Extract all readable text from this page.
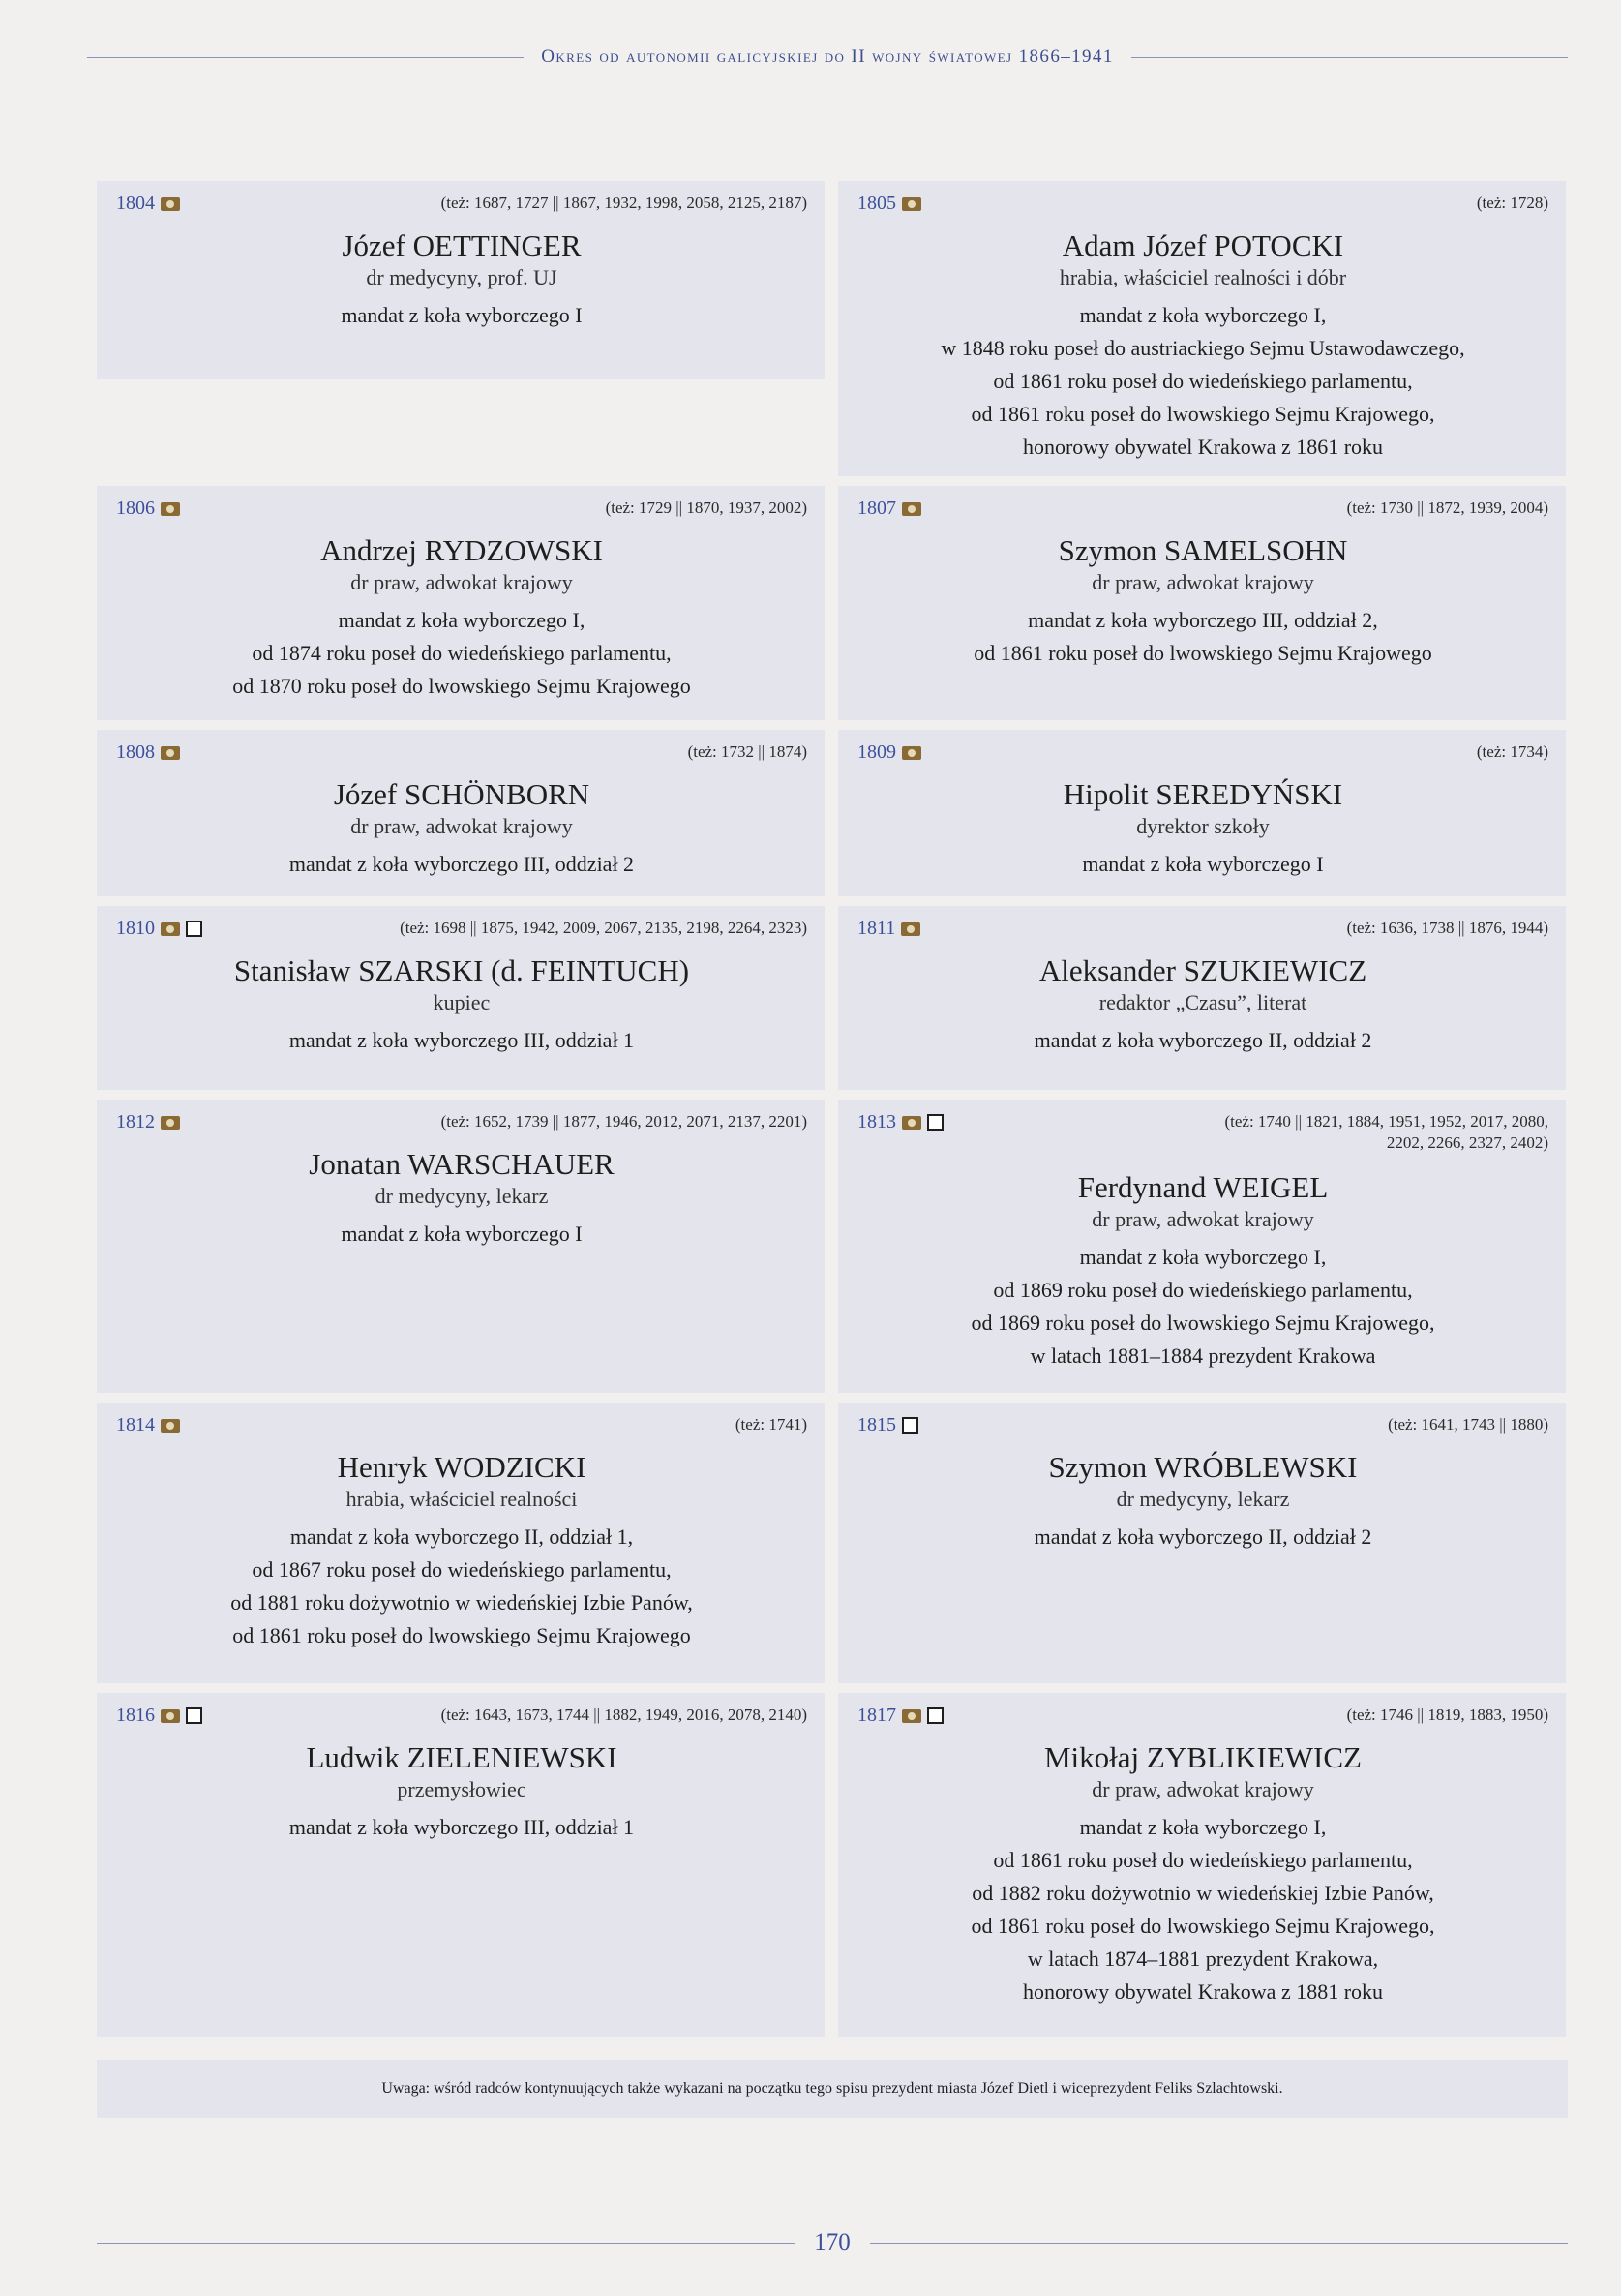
Okres od autonomii galicyjskiej do II wojny światowej 1866–1941
1804	(też: 1687, 1727 || 1867, 1932, 1998, 2058, 2125, 2187)
Józef OETTINGER
dr medycyny, prof. UJ
mandat z koła wyborczego I
1805	(też: 1728)
Adam Józef POTOCKI
hrabia, właściciel realności i dóbr
mandat z koła wyborczego I,
w 1848 roku poseł do austriackiego Sejmu Ustawodawczego,
od 1861 roku poseł do wiedeńskiego parlamentu,
od 1861 roku poseł do lwowskiego Sejmu Krajowego,
honorowy obywatel Krakowa z 1861 roku
1806	(też: 1729 || 1870, 1937, 2002)
Andrzej RYDZOWSKI
dr praw, adwokat krajowy
mandat z koła wyborczego I,
od 1874 roku poseł do wiedeńskiego parlamentu,
od 1870 roku poseł do lwowskiego Sejmu Krajowego
1807	(też: 1730 || 1872, 1939, 2004)
Szymon SAMELSOHN
dr praw, adwokat krajowy
mandat z koła wyborczego III, oddział 2,
od 1861 roku poseł do lwowskiego Sejmu Krajowego
1808	(też: 1732 || 1874)
Józef SCHÖNBORN
dr praw, adwokat krajowy
mandat z koła wyborczego III, oddział 2
1809	(też: 1734)
Hipolit SEREDYŃSKI
dyrektor szkoły
mandat z koła wyborczego I
1810	(też: 1698 || 1875, 1942, 2009, 2067, 2135, 2198, 2264, 2323)
Stanisław SZARSKI (d. FEINTUCH)
kupiec
mandat z koła wyborczego III, oddział 1
1811	(też: 1636, 1738 || 1876, 1944)
Aleksander SZUKIEWICZ
redaktor „Czasu”, literat
mandat z koła wyborczego II, oddział 2
1812	(też: 1652, 1739 || 1877, 1946, 2012, 2071, 2137, 2201)
Jonatan WARSCHAUER
dr medycyny, lekarz
mandat z koła wyborczego I
1813	(też: 1740 || 1821, 1884, 1951, 1952, 2017, 2080, 2202, 2266, 2327, 2402)
Ferdynand WEIGEL
dr praw, adwokat krajowy
mandat z koła wyborczego I,
od 1869 roku poseł do wiedeńskiego parlamentu,
od 1869 roku poseł do lwowskiego Sejmu Krajowego,
w latach 1881–1884 prezydent Krakowa
1814	(też: 1741)
Henryk WODZICKI
hrabia, właściciel realności
mandat z koła wyborczego II, oddział 1,
od 1867 roku poseł do wiedeńskiego parlamentu,
od 1881 roku dożywotnio w wiedeńskiej Izbie Panów,
od 1861 roku poseł do lwowskiego Sejmu Krajowego
1815	(też: 1641, 1743 || 1880)
Szymon WRÓBLEWSKI
dr medycyny, lekarz
mandat z koła wyborczego II, oddział 2
1816	(też: 1643, 1673, 1744 || 1882, 1949, 2016, 2078, 2140)
Ludwik ZIELENIEWSKI
przemysłowiec
mandat z koła wyborczego III, oddział 1
1817	(też: 1746 || 1819, 1883, 1950)
Mikołaj ZYBLIKIEWICZ
dr praw, adwokat krajowy
mandat z koła wyborczego I,
od 1861 roku poseł do wiedeńskiego parlamentu,
od 1882 roku dożywotnio w wiedeńskiej Izbie Panów,
od 1861 roku poseł do lwowskiego Sejmu Krajowego,
w latach 1874–1881 prezydent Krakowa,
honorowy obywatel Krakowa z 1881 roku
Uwaga: wśród radców kontynuujących także wykazani na początku tego spisu prezydent miasta Józef Dietl i wiceprezydent Feliks Szlachtowski.
170
